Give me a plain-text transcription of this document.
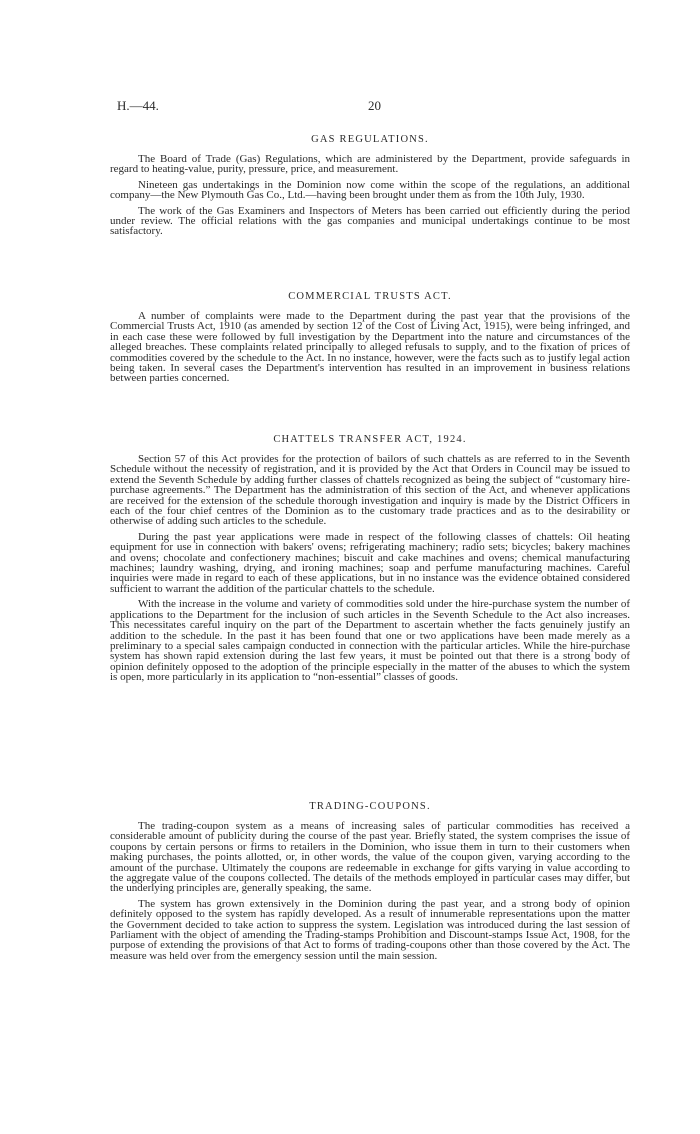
H.—44.	20
GAS REGULATIONS.

The Board of Trade (Gas) Regulations, which are administered by the Department, provide safeguards in regard to heating-value, purity, pressure, price, and measurement.

Nineteen gas undertakings in the Dominion now come within the scope of the regulations, an additional company—the New Plymouth Gas Co., Ltd.—having been brought under them as from the 10th July, 1930.

The work of the Gas Examiners and Inspectors of Meters has been carried out efficiently during the period under review. The official relations with the gas companies and municipal undertakings continue to be most satisfactory.

COMMERCIAL TRUSTS ACT.

A number of complaints were made to the Department during the past year that the provisions of the Commercial Trusts Act, 1910 (as amended by section 12 of the Cost of Living Act, 1915), were being infringed, and in each case these were followed by full investigation by the Department into the nature and circumstances of the alleged breaches. These complaints related principally to alleged refusals to supply, and to the fixation of prices of commodities covered by the schedule to the Act. In no instance, however, were the facts such as to justify legal action being taken. In several cases the Department's intervention has resulted in an improvement in business relations between parties concerned.

CHATTELS TRANSFER ACT, 1924.

Section 57 of this Act provides for the protection of bailors of such chattels as are referred to in the Seventh Schedule without the necessity of registration, and it is provided by the Act that Orders in Council may be issued to extend the Seventh Schedule by adding further classes of chattels recognized as being the subject of “customary hire-purchase agreements.” The Department has the administration of this section of the Act, and whenever applications are received for the extension of the schedule thorough investigation and inquiry is made by the District Officers in each of the four chief centres of the Dominion as to the customary trade practices and as to the desirability or otherwise of adding such articles to the schedule.

During the past year applications were made in respect of the following classes of chattels: Oil heating equipment for use in connection with bakers' ovens; refrigerating machinery; radio sets; bicycles; bakery machines and ovens; chocolate and confectionery machines; biscuit and cake machines and ovens; chemical manufacturing machines; laundry washing, drying, and ironing machines; soap and perfume manufacturing machines. Careful inquiries were made in regard to each of these applications, but in no instance was the evidence obtained considered sufficient to warrant the addition of the particular chattels to the schedule.

With the increase in the volume and variety of commodities sold under the hire-purchase system the number of applications to the Department for the inclusion of such articles in the Seventh Schedule to the Act also increases. This necessitates careful inquiry on the part of the Department to ascertain whether the facts genuinely justify an addition to the schedule. In the past it has been found that one or two applications have been made merely as a preliminary to a special sales campaign conducted in connection with the particular articles. While the hire-purchase system has shown rapid extension during the last few years, it must be pointed out that there is a strong body of opinion definitely opposed to the adoption of the principle especially in the matter of the abuses to which the system is open, more particularly in its application to “non-essential” classes of goods.

TRADING-COUPONS.

The trading-coupon system as a means of increasing sales of particular commodities has received a considerable amount of publicity during the course of the past year. Briefly stated, the system comprises the issue of coupons by certain persons or firms to retailers in the Dominion, who issue them in turn to their customers when making purchases, the points allotted, or, in other words, the value of the coupon given, varying according to the amount of the purchase. Ultimately the coupons are redeemable in exchange for gifts varying in value according to the aggregate value of the coupons collected. The details of the methods employed in particular cases may differ, but the underlying principles are, generally speaking, the same.

The system has grown extensively in the Dominion during the past year, and a strong body of opinion definitely opposed to the system has rapidly developed. As a result of innumerable representations upon the matter the Government decided to take action to suppress the system. Legislation was introduced during the last session of Parliament with the object of amending the Trading-stamps Prohibition and Discount-stamps Issue Act, 1908, for the purpose of extending the provisions of that Act to forms of trading-coupons other than those covered by the Act. The measure was held over from the emergency session until the main session.
